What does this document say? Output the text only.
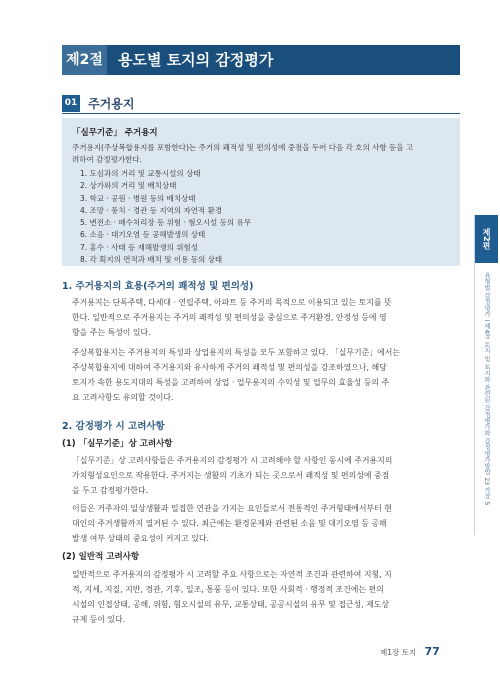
제2절 용도별 토지의 감정평가
01 주거용지
「실무기준」 주거용지
주거용지(주상복합용지를 포함한다)는 주거의 쾌적성 및 편의성에 중점을 두어 다음 각 호의 사항 등을 고
려하여 감정평가한다.
1. 도심과의 거리 및 교통시설의 상태
2. 상가와의 거리 및 배치상태
3. 학교 · 공원 · 병원 등의 배치상태
4. 조망 · 풍치 · 경관 등 지역의 자연적 환경
5. 변전소 · 폐수처리장 등 위험 · 혐오시설 등의 유무
6. 소음 · 대기오염 등 공해발생의 상태
7. 홍수 · 사태 등 재해발생의 위험성
8. 각 획지의 면적과 배치 및 이용 등의 상태
1. 주거용지의 효용(주거의 쾌적성 및 편의성)
주거용지는 단독주택, 다세대 · 연립주택, 아파트 등 주거의 목적으로 이용되고 있는 토지를 뜻
한다. 일반적으로 주거용지는 주거의 쾌적성 및 편의성을 중심으로 주거환경, 안정성 등에 영
향을 주는 특성이 있다.
주상복합용지는 주거용지의 특성과 상업용지의 특성을 모두 포함하고 있다. 「실무기준」에서는
주상복합용지에 대하여 주거용지와 유사하게 주거의 쾌적성 및 편의성을 강조하였으나, 해당
토지가 속한 용도지대의 특성을 고려하여 상업 · 업무용지의 수익성 및 업무의 효율성 등의 주
요 고려사항도 유의할 것이다.
2. 감정평가 시 고려사항
(1) 「실무기준」상 고려사항
「실무기준」상 고려사항들은 주거용지의 감정평가 시 고려해야 할 사항인 동시에 주거용지의
가치형성요인으로 작용한다. 주거지는 생활의 기초가 되는 곳으로서 쾌적성 및 편의성에 중점
을 두고 감정평가한다.
이들은 거주자의 일상생활과 밀접한 연관을 가지는 요인들로서 전통적인 주거형태에서부터 현
대인의 주거생활까지 열거된 수 있다. 최근에는 환경문제와 관련된 소음 및 대기오염 등 공해
발생 여부 상태의 중요성이 커지고 있다.
(2) 일반적 고려사항
일반적으로 주거용지의 감정평가 시 고려할 주요 사항으로는 자연적 조건과 관련하여 지형, 지
적, 지세, 지질, 지반, 경관, 기후, 일조, 통풍 등이 있다. 또한 사회적 · 행정적 조건에는 편의
시설의 인접상태, 공해, 위험, 혐오시설의 유무, 교통상태, 공공시설의 유무 및 접근성, 제도상
규제 등이 있다.
제2편
유형별 감정평가 I 제4장 토지 및 토지와 관련된 감정평가와 감정평가방법 23 가장 5
제1장 토지 77
